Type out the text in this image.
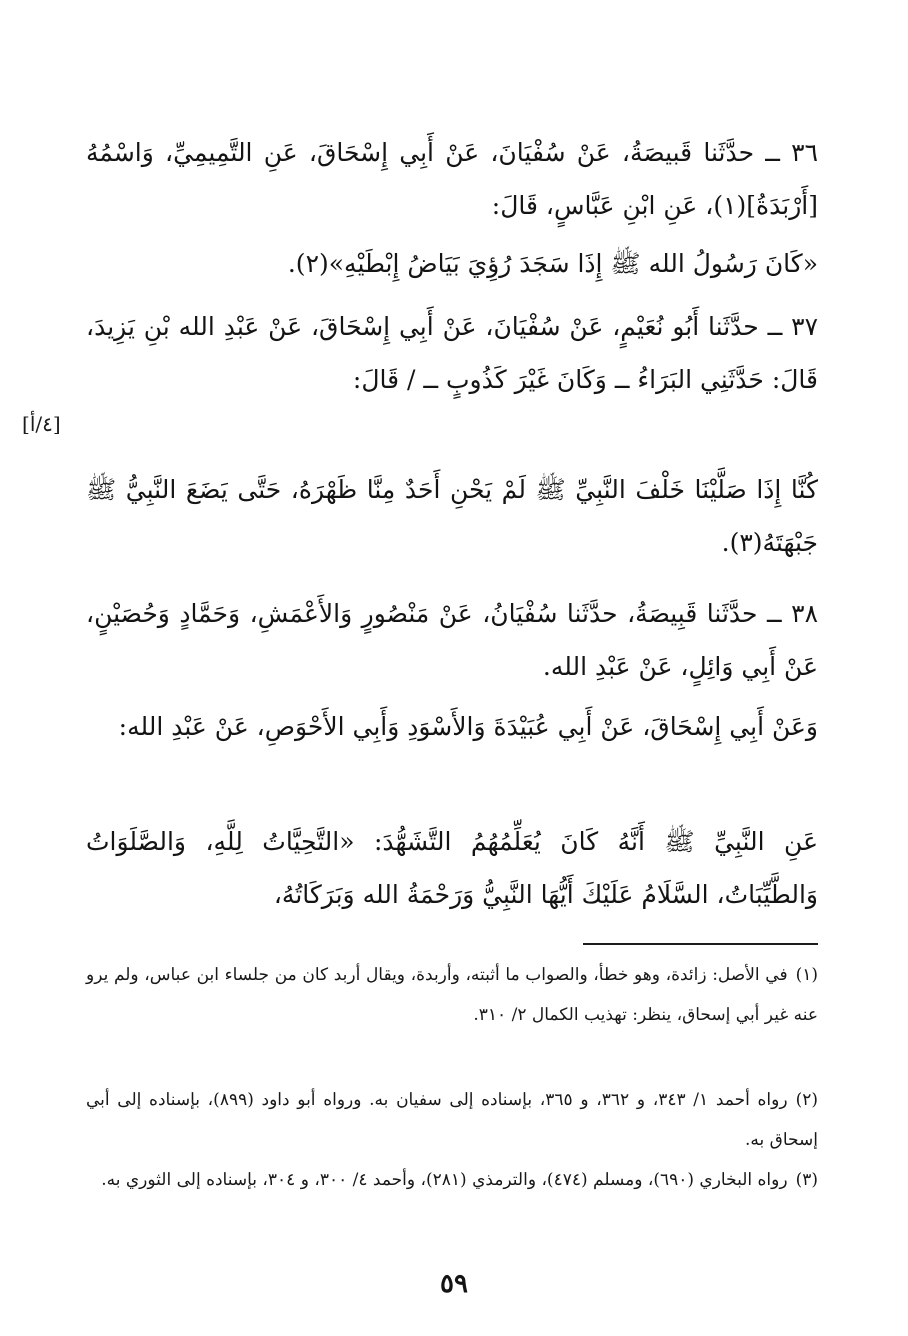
٣٦ ــ حدَّثَنا قَبيصَةُ، عَنْ سُفْيَانَ، عَنْ أَبِي إِسْحَاقَ، عَنِ التَّمِيمِيِّ، وَاسْمُهُ [أَرْبَدَةُ](١)، عَنِ ابْنِ عَبَّاسٍ، قَالَ:
«كَانَ رَسُولُ الله ﷺ إِذَا سَجَدَ رُؤِيَ بَيَاضُ إِبْطَيْهِ»(٢).
٣٧ ــ حدَّثَنا أَبُو نُعَيْمٍ، عَنْ سُفْيَانَ، عَنْ أَبِي إِسْحَاقَ، عَنْ عَبْدِ الله بْنِ يَزِيدَ، قَالَ: حَدَّثَنِي البَرَاءُ ــ وَكَانَ غَيْرَ كَذُوبٍ ــ / قَالَ:
كُنَّا إِذَا صَلَّيْنَا خَلْفَ النَّبِيِّ ﷺ لَمْ يَحْنِ أَحَدٌ مِنَّا ظَهْرَهُ، حَتَّى يَضَعَ النَّبِيُّ ﷺ جَبْهَتَهُ(٣).
[٤/أ]
٣٨ ــ حدَّثَنا قَبِيصَةُ، حدَّثَنا سُفْيَانُ، عَنْ مَنْصُورٍ وَالأَعْمَشِ، وَحَمَّادٍ وَحُصَيْنٍ، عَنْ أَبِي وَائِلٍ، عَنْ عَبْدِ الله.
وَعَنْ أَبِي إِسْحَاقَ، عَنْ أَبِي عُبَيْدَةَ وَالأَسْوَدِ وَأَبِي الأَحْوَصِ، عَنْ عَبْدِ الله:
عَنِ النَّبِيِّ ﷺ أَنَّهُ كَانَ يُعَلِّمُهُمُ التَّشَهُّدَ: «التَّحِيَّاتُ لِلَّهِ، وَالصَّلَوَاتُ وَالطَّيِّبَاتُ، السَّلَامُ عَلَيْكَ أَيُّهَا النَّبِيُّ وَرَحْمَةُ الله وَبَرَكَاتُهُ،
(١)في الأصل: زائدة، وهو خطأ، والصواب ما أثبته، وأربدة، ويقال أربد كان من جلساء ابن عباس، ولم يرو عنه غير أبي إسحاق، ينظر: تهذيب الكمال ٢/ ٣١٠.
(٢)رواه أحمد ١/ ٣٤٣، و ٣٦٢، و ٣٦٥، بإسناده إلى سفيان به. ورواه أبو داود (٨٩٩)، بإسناده إلى أبي إسحاق به.
(٣)رواه البخاري (٦٩٠)، ومسلم (٤٧٤)، والترمذي (٢٨١)، وأحمد ٤/ ٣٠٠، و ٣٠٤، بإسناده إلى الثوري به.
٥٩
